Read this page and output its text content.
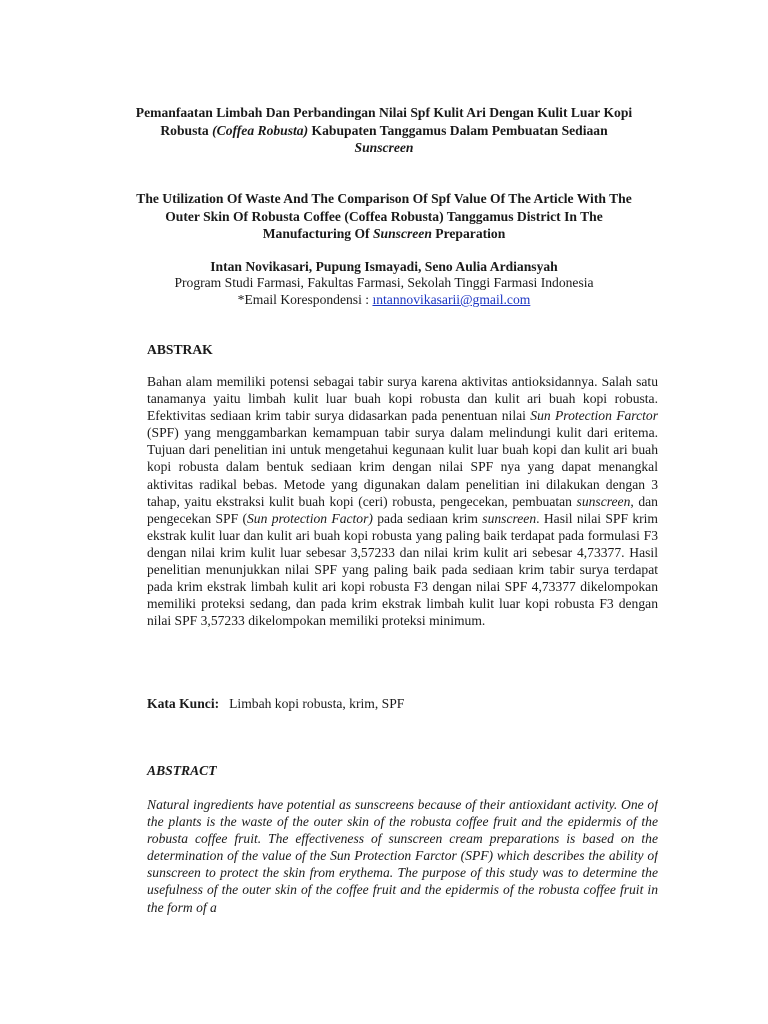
Pemanfaatan Limbah Dan Perbandingan Nilai Spf Kulit Ari Dengan Kulit Luar Kopi Robusta (Coffea Robusta) Kabupaten Tanggamus Dalam Pembuatan Sediaan Sunscreen
The Utilization Of Waste And The Comparison Of Spf Value Of The Article With The Outer Skin Of Robusta Coffee (Coffea Robusta) Tanggamus District In The Manufacturing Of Sunscreen Preparation
Intan Novikasari, Pupung Ismayadi, Seno Aulia Ardiansyah
Program Studi Farmasi, Fakultas Farmasi, Sekolah Tinggi Farmasi Indonesia
*Email Korespondensi : ıntannovikasarii@gmail.com
ABSTRAK

Bahan alam memiliki potensi sebagai tabir surya karena aktivitas antioksidannya. Salah satu tanamanya yaitu limbah kulit luar buah kopi robusta dan kulit ari buah kopi robusta. Efektivitas sediaan krim tabir surya didasarkan pada penentuan nilai Sun Protection Farctor (SPF) yang menggambarkan kemampuan tabir surya dalam melindungi kulit dari eritema. Tujuan dari penelitian ini untuk mengetahui kegunaan kulit luar buah kopi dan kulit ari buah kopi robusta dalam bentuk sediaan krim dengan nilai SPF nya yang dapat menangkal aktivitas radikal bebas. Metode yang digunakan dalam penelitian ini dilakukan dengan 3 tahap, yaitu ekstraksi kulit buah kopi (ceri) robusta, pengecekan, pembuatan sunscreen, dan pengecekan SPF (Sun protection Factor) pada sediaan krim sunscreen. Hasil nilai SPF krim ekstrak kulit luar dan kulit ari buah kopi robusta yang paling baik terdapat pada formulasi F3 dengan nilai krim kulit luar sebesar 3,57233 dan nilai krim kulit ari sebesar 4,73377. Hasil penelitian menunjukkan nilai SPF yang paling baik pada sediaan krim tabir surya terdapat pada krim ekstrak limbah kulit ari kopi robusta F3 dengan nilai SPF 4,73377 dikelompokan memiliki proteksi sedang, dan pada krim ekstrak limbah kulit luar kopi robusta F3 dengan nilai SPF 3,57233 dikelompokan memiliki proteksi minimum.

Kata Kunci: Limbah kopi robusta, krim, SPF
ABSTRACT

Natural ingredients have potential as sunscreens because of their antioxidant activity. One of the plants is the waste of the outer skin of the robusta coffee fruit and the epidermis of the robusta coffee fruit. The effectiveness of sunscreen cream preparations is based on the determination of the value of the Sun Protection Farctor (SPF) which describes the ability of sunscreen to protect the skin from erythema. The purpose of this study was to determine the usefulness of the outer skin of the coffee fruit and the epidermis of the robusta coffee fruit in the form of a
